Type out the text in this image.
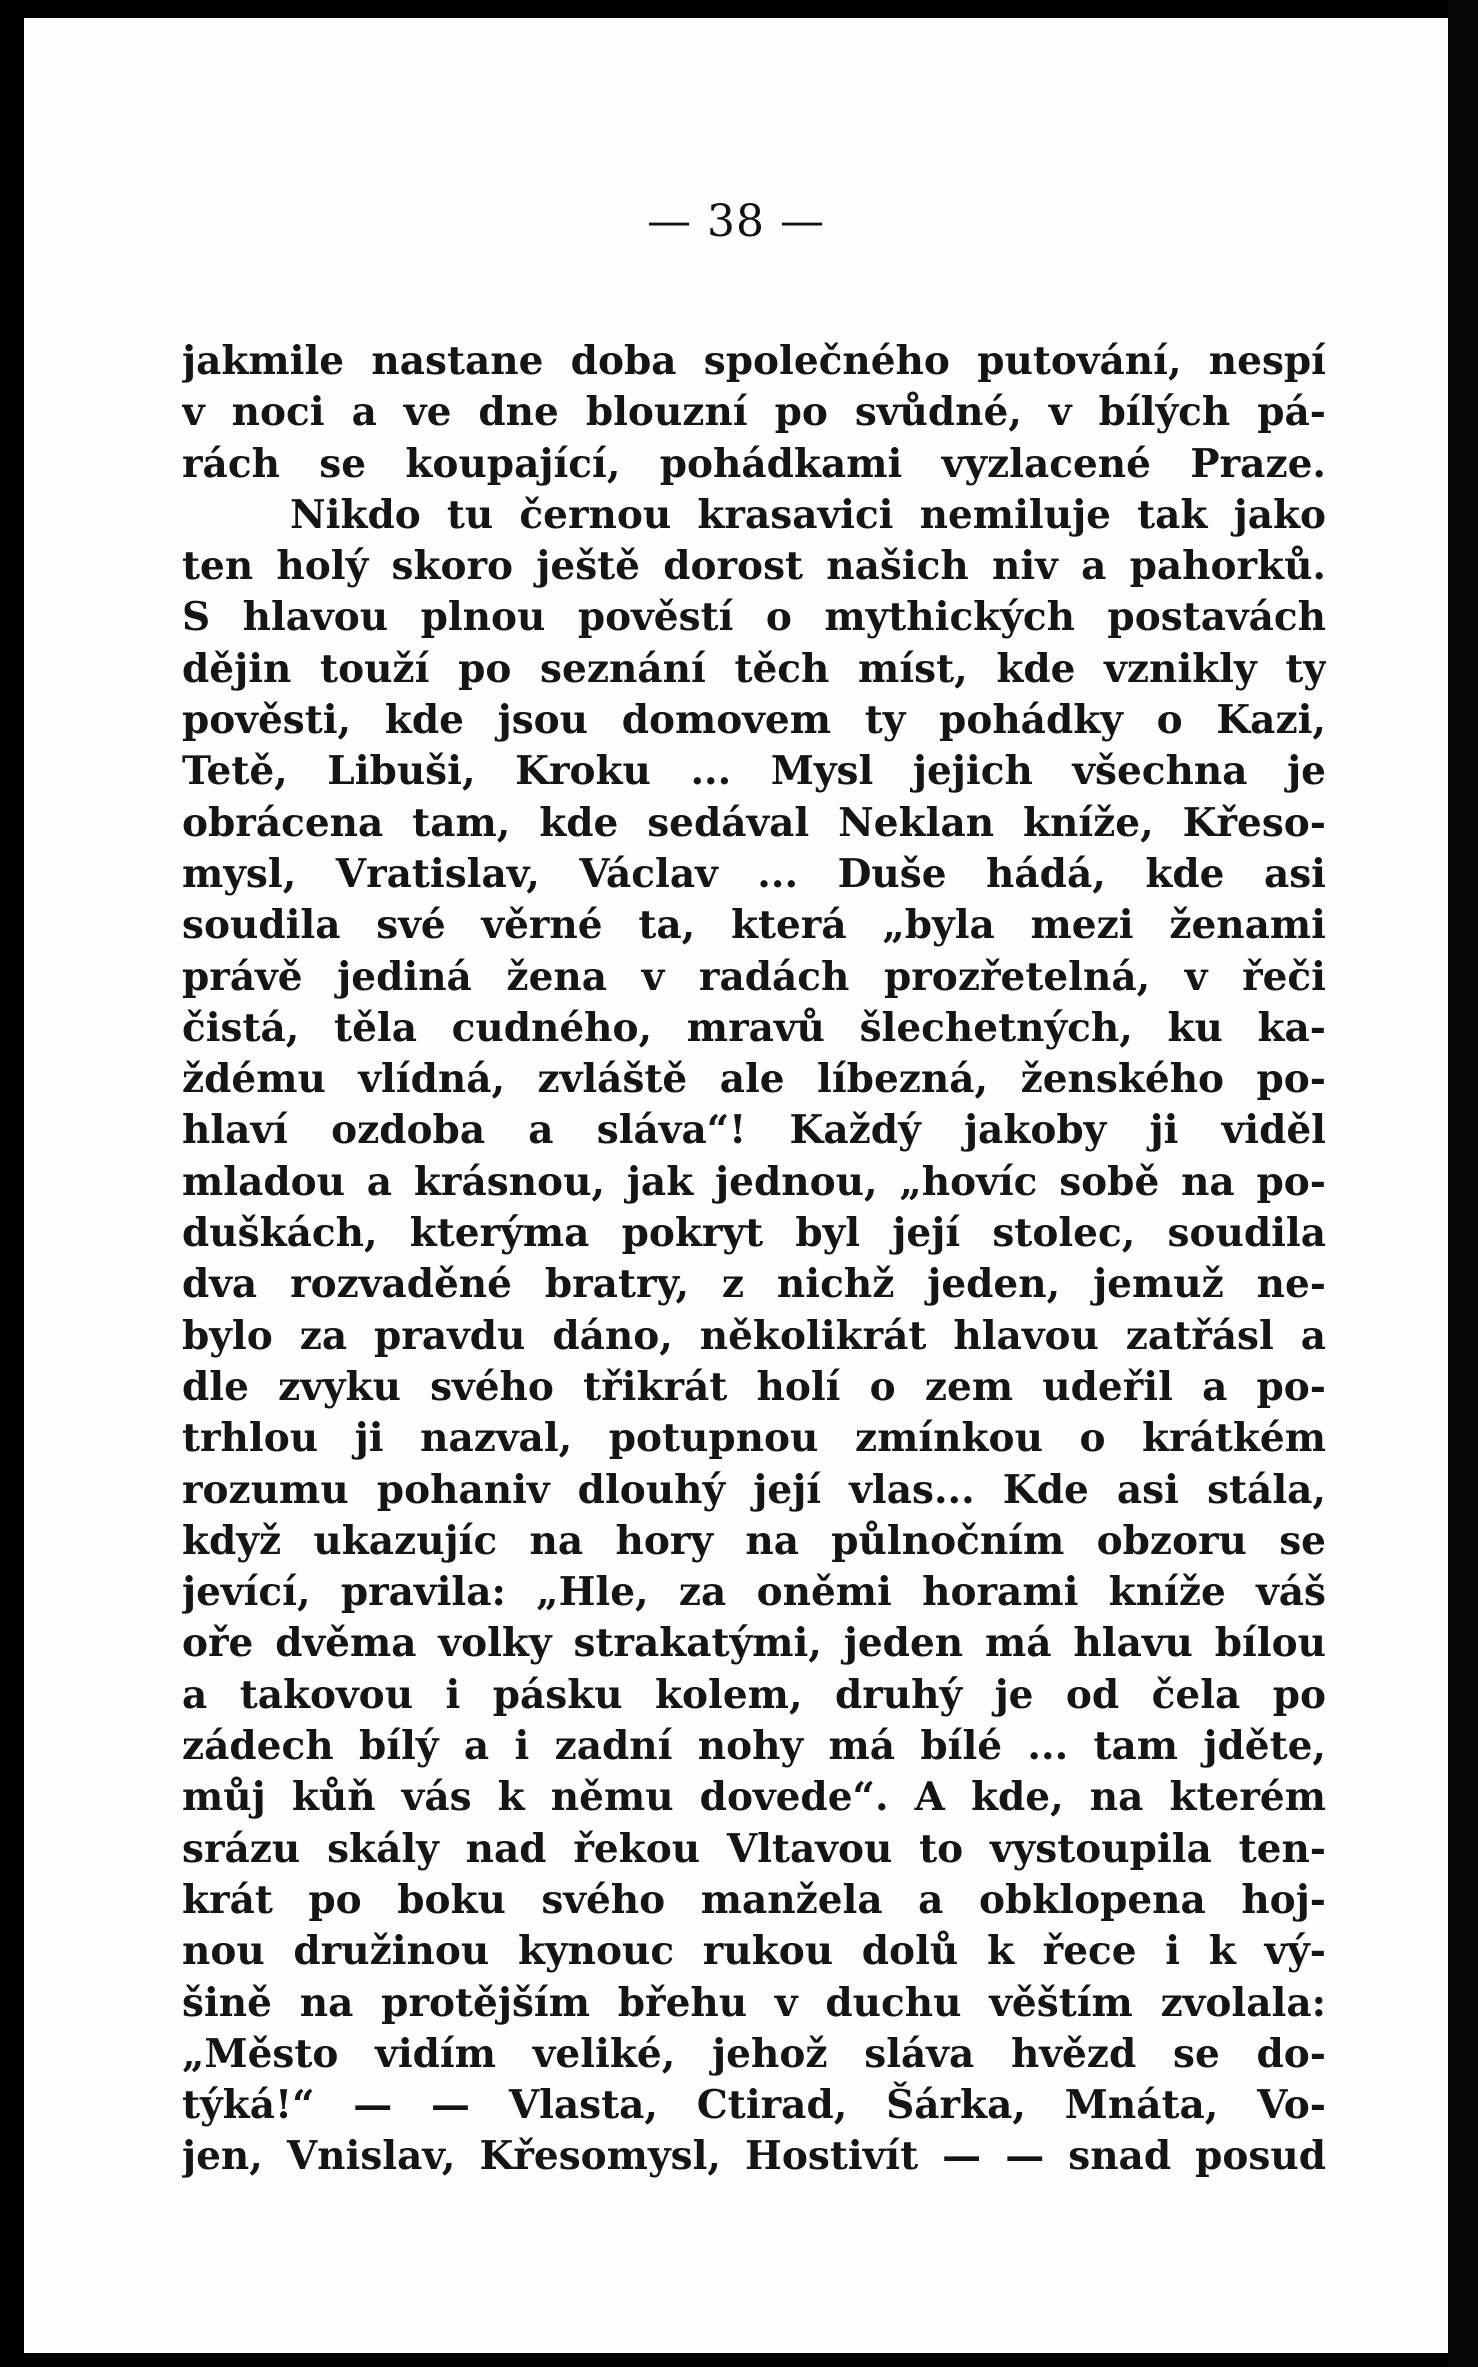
— 38 —
jakmile nastane doba společného putování, nespí
v noci a ve dne blouzní po svůdné, v bílých pá-
rách se koupající, pohádkami vyzlacené Praze.
Nikdo tu černou krasavici nemiluje tak jako
ten holý skoro ještě dorost našich niv a pahorků.
S hlavou plnou pověstí o mythických postavách
dějin touží po seznání těch míst, kde vznikly ty
pověsti, kde jsou domovem ty pohádky o Kazi,
Tetě, Libuši, Kroku ... Mysl jejich všechna je
obrácena tam, kde sedával Neklan kníže, Křeso-
mysl, Vratislav, Václav ... Duše hádá, kde asi
soudila své věrné ta, která „byla mezi ženami
právě jediná žena v radách prozřetelná, v řeči
čistá, těla cudného, mravů šlechetných, ku ka-
ždému vlídná, zvláště ale líbezná, ženského po-
hlaví ozdoba a sláva“! Každý jakoby ji viděl
mladou a krásnou, jak jednou, „hovíc sobě na po-
duškách, kterýma pokryt byl její stolec, soudila
dva rozvaděné bratry, z nichž jeden, jemuž ne-
bylo za pravdu dáno, několikrát hlavou zatřásl a
dle zvyku svého třikrát holí o zem udeřil a po-
trhlou ji nazval, potupnou zmínkou o krátkém
rozumu pohaniv dlouhý její vlas... Kde asi stála,
když ukazujíc na hory na půlnočním obzoru se
jevící, pravila: „Hle, za oněmi horami kníže váš
oře dvěma volky strakatými, jeden má hlavu bílou
a takovou i pásku kolem, druhý je od čela po
zádech bílý a i zadní nohy má bílé ... tam jděte,
můj kůň vás k němu dovede“. A kde, na kterém
srázu skály nad řekou Vltavou to vystoupila ten-
krát po boku svého manžela a obklopena hoj-
nou družinou kynouc rukou dolů k řece i k vý-
šině na protějším břehu v duchu věštím zvolala:
„Město vidím veliké, jehož sláva hvězd se do-
týká!“ — — Vlasta, Ctirad, Šárka, Mnáta, Vo-
jen, Vnislav, Křesomysl, Hostivít — — snad posud
